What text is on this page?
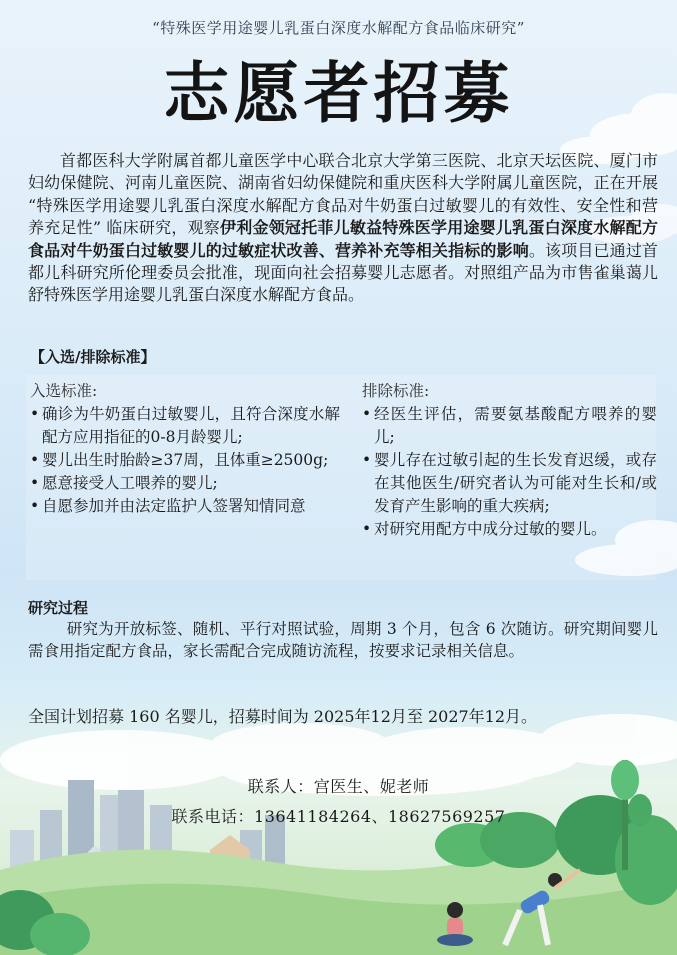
“特殊医学用途婴儿乳蛋白深度水解配方食品临床研究”
志愿者招募
首都医科大学附属首都儿童医学中心联合北京大学第三医院、北京天坛医院、厦门市妇幼保健院、河南儿童医院、湖南省妇幼保健院和重庆医科大学附属儿童医院，正在开展 “特殊医学用途婴儿乳蛋白深度水解配方食品对牛奶蛋白过敏婴儿的有效性、安全性和营养充足性” 临床研究，观察伊利金领冠托菲儿敏益特殊医学用途婴儿乳蛋白深度水解配方食品对牛奶蛋白过敏婴儿的过敏症状改善、营养补充等相关指标的影响。该项目已通过首都儿科研究所伦理委员会批准，现面向社会招募婴儿志愿者。对照组产品为市售雀巢蔼儿舒特殊医学用途婴儿乳蛋白深度水解配方食品。
【入选/排除标准】
入选标准:
• 确诊为牛奶蛋白过敏婴儿，且符合深度水解配方应用指征的0-8月龄婴儿;
• 婴儿出生时胎龄≥37周，且体重≥2500g;
• 愿意接受人工喂养的婴儿;
• 自愿参加并由法定监护人签署知情同意
排除标准:
• 经医生评估，需要氨基酸配方喂养的婴儿;
• 婴儿存在过敏引起的生长发育迟缓，或存在其他医生/研究者认为可能对生长和/或发育产生影响的重大疾病;
• 对研究用配方中成分过敏的婴儿。
研究过程
研究为开放标签、随机、平行对照试验，周期 3 个月，包含 6 次随访。研究期间婴儿需食用指定配方食品，家长需配合完成随访流程，按要求记录相关信息。
全国计划招募 160 名婴儿，招募时间为 2025年12月至 2027年12月。
联系人：宫医生、妮老师
联系电话：13641184264、18627569257
